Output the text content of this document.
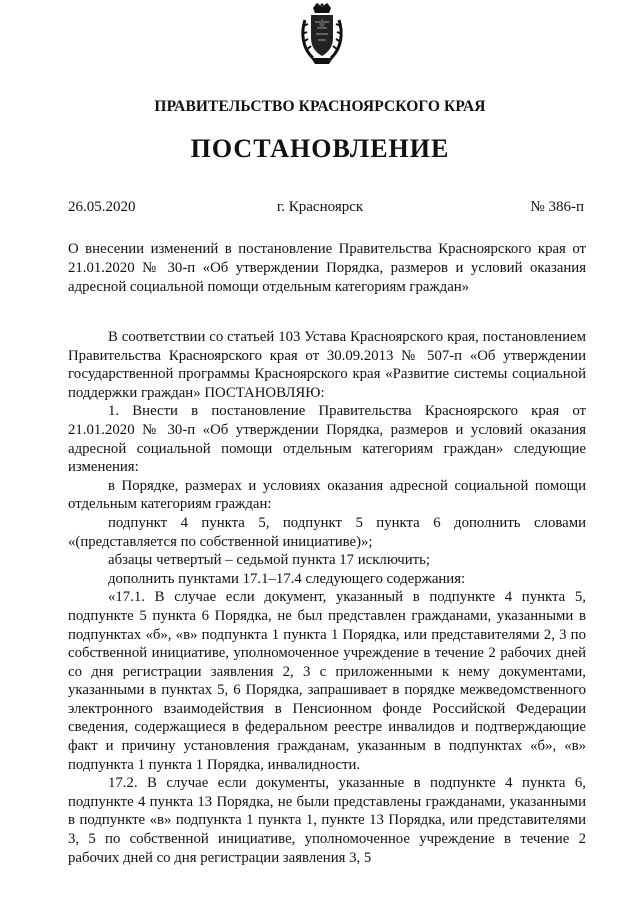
ПРАВИТЕЛЬСТВО КРАСНОЯРСКОГО КРАЯ
ПОСТАНОВЛЕНИЕ
г. Красноярск
26.05.2020	№ 386-п
О внесении изменений в постановление Правительства Красноярского края от 21.01.2020 № 30-п «Об утверждении Порядка, размеров и условий оказания адресной социальной помощи отдельным категориям граждан»

В соответствии со статьей 103 Устава Красноярского края, постановлением Правительства Красноярского края от 30.09.2013 № 507-п «Об утверждении государственной программы Красноярского края «Развитие системы социальной поддержки граждан» ПОСТАНОВЛЯЮ:

1. Внести в постановление Правительства Красноярского края от 21.01.2020 № 30-п «Об утверждении Порядка, размеров и условий оказания адресной социальной помощи отдельным категориям граждан» следующие изменения:

в Порядке, размерах и условиях оказания адресной социальной помощи отдельным категориям граждан:

подпункт 4 пункта 5, подпункт 5 пункта 6 дополнить словами «(представляется по собственной инициативе)»;

абзацы четвертый – седьмой пункта 17 исключить;

дополнить пунктами 17.1–17.4 следующего содержания:

«17.1. В случае если документ, указанный в подпункте 4 пункта 5, подпункте 5 пункта 6 Порядка, не был представлен гражданами, указанными в подпунктах «б», «в» подпункта 1 пункта 1 Порядка, или представителями 2, 3 по собственной инициативе, уполномоченное учреждение в течение 2 рабочих дней со дня регистрации заявления 2, 3 с приложенными к нему документами, указанными в пунктах 5, 6 Порядка, запрашивает в порядке межведомственного электронного взаимодействия в Пенсионном фонде Российской Федерации сведения, содержащиеся в федеральном реестре инвалидов и подтверждающие факт и причину установления гражданам, указанным в подпунктах «б», «в» подпункта 1 пункта 1 Порядка, инвалидности.

17.2. В случае если документы, указанные в подпункте 4 пункта 6, подпункте 4 пункта 13 Порядка, не были представлены гражданами, указанными в подпункте «в» подпункта 1 пункта 1, пункте 13 Порядка, или представителями 3, 5 по собственной инициативе, уполномоченное учреждение в течение 2 рабочих дней со дня регистрации заявления 3, 5
